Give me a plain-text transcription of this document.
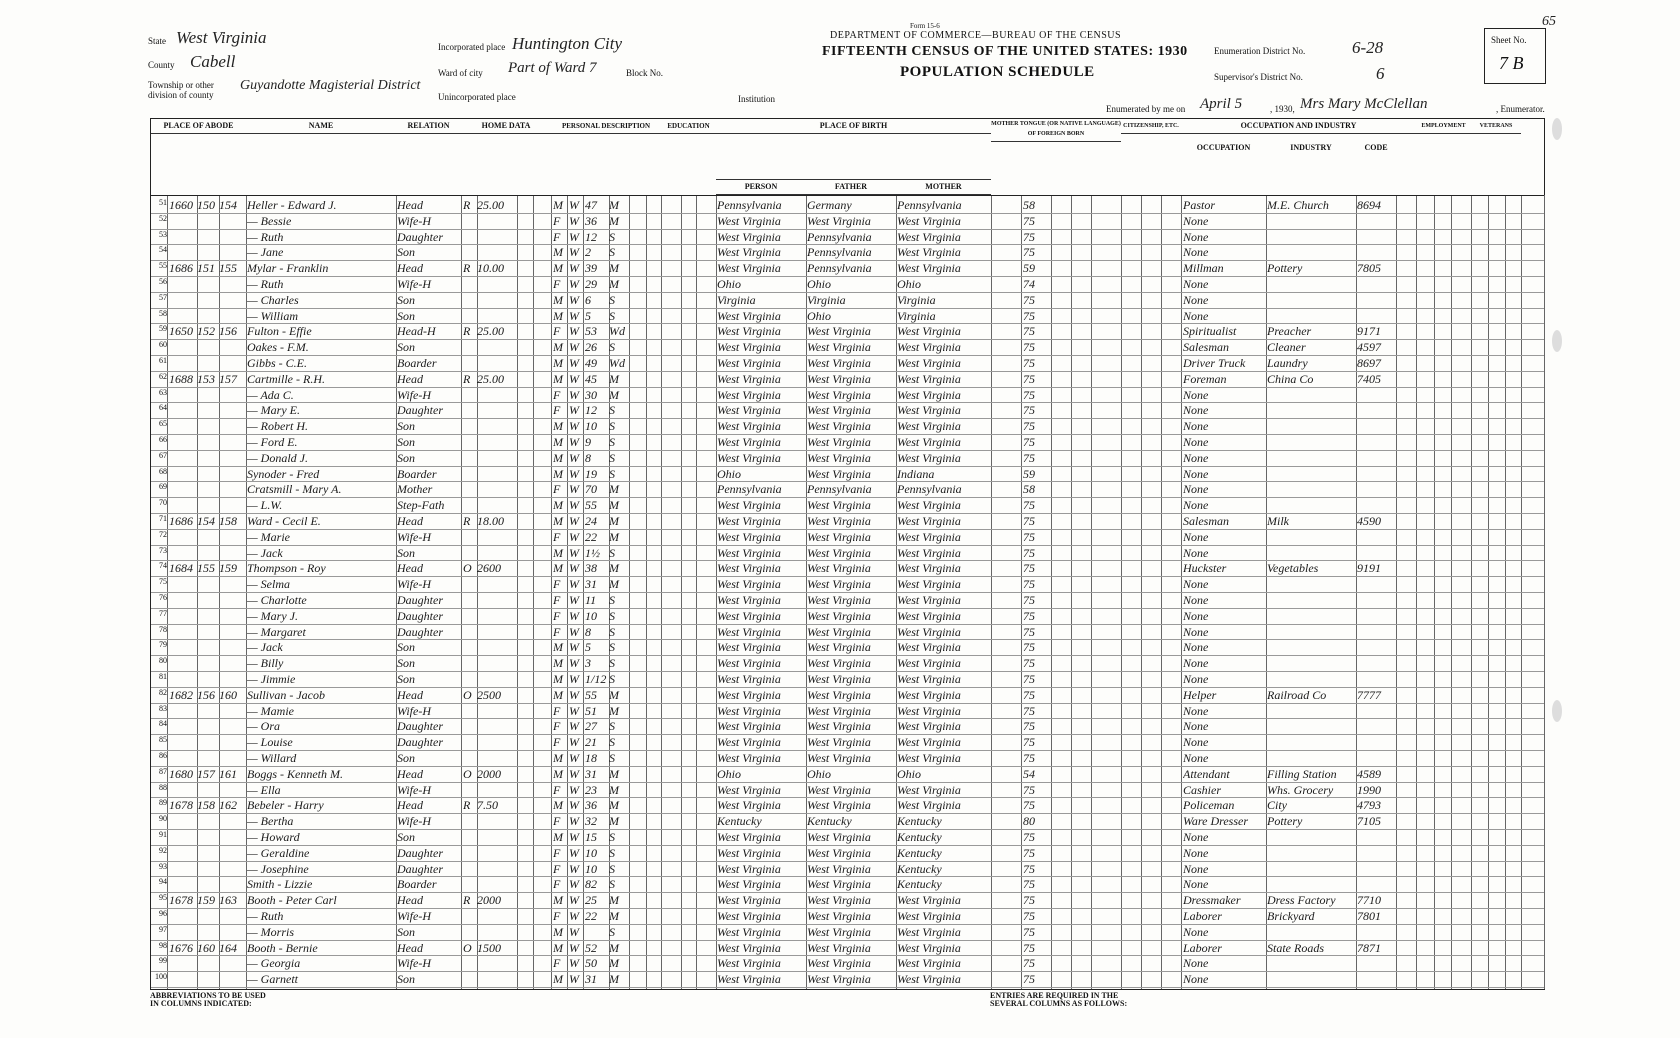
State West Virginia
County Cabell
Township or other division of county
Guyandotte Magisterial District
Incorporated place Huntington City
Ward of city Part of Ward 7	Block No.
Unincorporated place	Institution
Form 15-6
DEPARTMENT OF COMMERCE—BUREAU OF THE CENSUS
FIFTEENTH CENSUS OF THE UNITED STATES: 1930
POPULATION SCHEDULE
Enumeration District No.	6-28
Supervisor's District No.	6
Sheet No.
7 B
65
Enumerated by me on April 5	, 1930, Mrs Mary McClellan	, Enumerator.
PLACE OF ABODE	NAME	RELATION	HOME DATA	PERSONAL DESCRIPTION	EDUCATION	PLACE OF BIRTH	MOTHER TONGUE (OR NATIVE LANGUAGE) OF FOREIGN BORN
CITIZENSHIP, ETC.	OCCUPATION AND INDUSTRY	EMPLOYMENT	VETERANS
PERSON	FATHER	MOTHER
OCCUPATION	INDUSTRY	CODE
51 1660 150 154 Heller - Edward J.	Head	R 25.00	M W 47	M	Pennsylvania	Germany	Pennsylvania	58	Pastor	M.E. Church	8694
52	— Bessie	Wife-H	F W 36	M	West Virginia	West Virginia	West Virginia	75	None
53	— Ruth	Daughter	F W 12	S	West Virginia	Pennsylvania	West Virginia	75	None
54	— Jane	Son	M W 2	S	West Virginia	Pennsylvania	West Virginia	75	None
55 1686 151 155 Mylar - Franklin	Head	R 10.00	M W 39	M	West Virginia	Pennsylvania	West Virginia	59	Millman	Pottery	7805
56	— Ruth	Wife-H	F W 29	M	Ohio	Ohio	Ohio	74	None
57	— Charles	Son	M W 6	S	Virginia	Virginia	Virginia	75	None
58	— William	Son	M W 5	S	West Virginia	Ohio	Virginia	75	None
59 1650 152 156 Fulton - Effie	Head-H	R 25.00	F W 53	Wd	West Virginia	West Virginia	West Virginia	75	Spiritualist	Preacher	9171
60	Oakes - F.M.	Son	M W 26	S	West Virginia	West Virginia	West Virginia	75	Salesman	Cleaner	4597
61	Gibbs - C.E.	Boarder	M W 49	Wd	West Virginia	West Virginia	West Virginia	75	Driver Truck	Laundry	8697
62 1688 153 157 Cartmille - R.H.	Head	R 25.00	M W 45	M	West Virginia	West Virginia	West Virginia	75	Foreman	China Co	7405
63	— Ada C.	Wife-H	F W 30	M	West Virginia	West Virginia	West Virginia	75	None
64	— Mary E.	Daughter	F W 12	S	West Virginia	West Virginia	West Virginia	75	None
65	— Robert H.	Son	M W 10	S	West Virginia	West Virginia	West Virginia	75	None
66	— Ford E.	Son	M W 9	S	West Virginia	West Virginia	West Virginia	75	None
67	— Donald J.	Son	M W 8	S	West Virginia	West Virginia	West Virginia	75	None
68	Synoder - Fred	Boarder	M W 19	S	Ohio	West Virginia	Indiana	59	None
69	Cratsmill - Mary A.	Mother	F W 70	M	Pennsylvania	Pennsylvania	Pennsylvania	58	None
70	— L.W.	Step-Fath	M W 55	M	West Virginia	West Virginia	West Virginia	75	None
71 1686 154 158 Ward - Cecil E.	Head	R 18.00	M W 24	M	West Virginia	West Virginia	West Virginia	75	Salesman	Milk	4590
72	— Marie	Wife-H	F W 22	M	West Virginia	West Virginia	West Virginia	75	None
73	— Jack	Son	M W 1½ S	West Virginia	West Virginia	West Virginia	75	None
74 1684 155 159 Thompson - Roy	Head	O 2600	M W 38	M	West Virginia	West Virginia	West Virginia	75	Huckster	Vegetables	9191
75	— Selma	Wife-H	F W 31	M	West Virginia	West Virginia	West Virginia	75	None
76	— Charlotte	Daughter	F W 11	S	West Virginia	West Virginia	West Virginia	75	None
77	— Mary J.	Daughter	F W 10	S	West Virginia	West Virginia	West Virginia	75	None
78	— Margaret	Daughter	F W 8	S	West Virginia	West Virginia	West Virginia	75	None
79	— Jack	Son	M W 5	S	West Virginia	West Virginia	West Virginia	75	None
80	— Billy	Son	M W 3	S	West Virginia	West Virginia	West Virginia	75	None
81	— Jimmie	Son	M W 1/12 S	West Virginia	West Virginia	West Virginia	75	None
82 1682 156 160 Sullivan - Jacob	Head	O 2500	M W 55	M	West Virginia	West Virginia	West Virginia	75	Helper	Railroad Co	7777
83	— Mamie	Wife-H	F W 51	M	West Virginia	West Virginia	West Virginia	75	None
84	— Ora	Daughter	F W 27	S	West Virginia	West Virginia	West Virginia	75	None
85	— Louise	Daughter	F W 21	S	West Virginia	West Virginia	West Virginia	75	None
86	— Willard	Son	M W 18	S	West Virginia	West Virginia	West Virginia	75	None
87 1680 157 161 Boggs - Kenneth M.	Head	O 2000	M W 31	M	Ohio	Ohio	Ohio	54	Attendant	Filling Station	4589
88	— Ella	Wife-H	F W 23	M	West Virginia	West Virginia	West Virginia	75	Cashier	Whs. Grocery	1990
89 1678 158 162 Bebeler - Harry	Head	R 7.50	M W 36	M	West Virginia	West Virginia	West Virginia	75	Policeman	City	4793
90	— Bertha	Wife-H	F W 32	M	Kentucky	Kentucky	Kentucky	80	Ware Dresser	Pottery	7105
91	— Howard	Son	M W 15	S	West Virginia	West Virginia	Kentucky	75	None
92	— Geraldine	Daughter	F W 10	S	West Virginia	West Virginia	Kentucky	75	None
93	— Josephine	Daughter	F W 10	S	West Virginia	West Virginia	Kentucky	75	None
94	Smith - Lizzie	Boarder	F W 82	S	West Virginia	West Virginia	Kentucky	75	None
95 1678 159 163 Booth - Peter Carl	Head	R 2000	M W 25	M	West Virginia	West Virginia	West Virginia	75	Dressmaker	Dress Factory	7710
96	— Ruth	Wife-H	F W 22	M	West Virginia	West Virginia	West Virginia	75	Laborer	Brickyard	7801
97	— Morris	Son	M W	S	West Virginia	West Virginia	West Virginia	75	None
98 1676 160 164 Booth - Bernie	Head	O 1500	M W 52	M	West Virginia	West Virginia	West Virginia	75	Laborer	State Roads	7871
99	— Georgia	Wife-H	F W 50	M	West Virginia	West Virginia	West Virginia	75	None
100	— Garnett	Son	M W 31	M	West Virginia	West Virginia	West Virginia	75	None
ABBREVIATIONS TO BE USED IN COLUMNS INDICATED:
ENTRIES ARE REQUIRED IN THE SEVERAL COLUMNS AS FOLLOWS:
